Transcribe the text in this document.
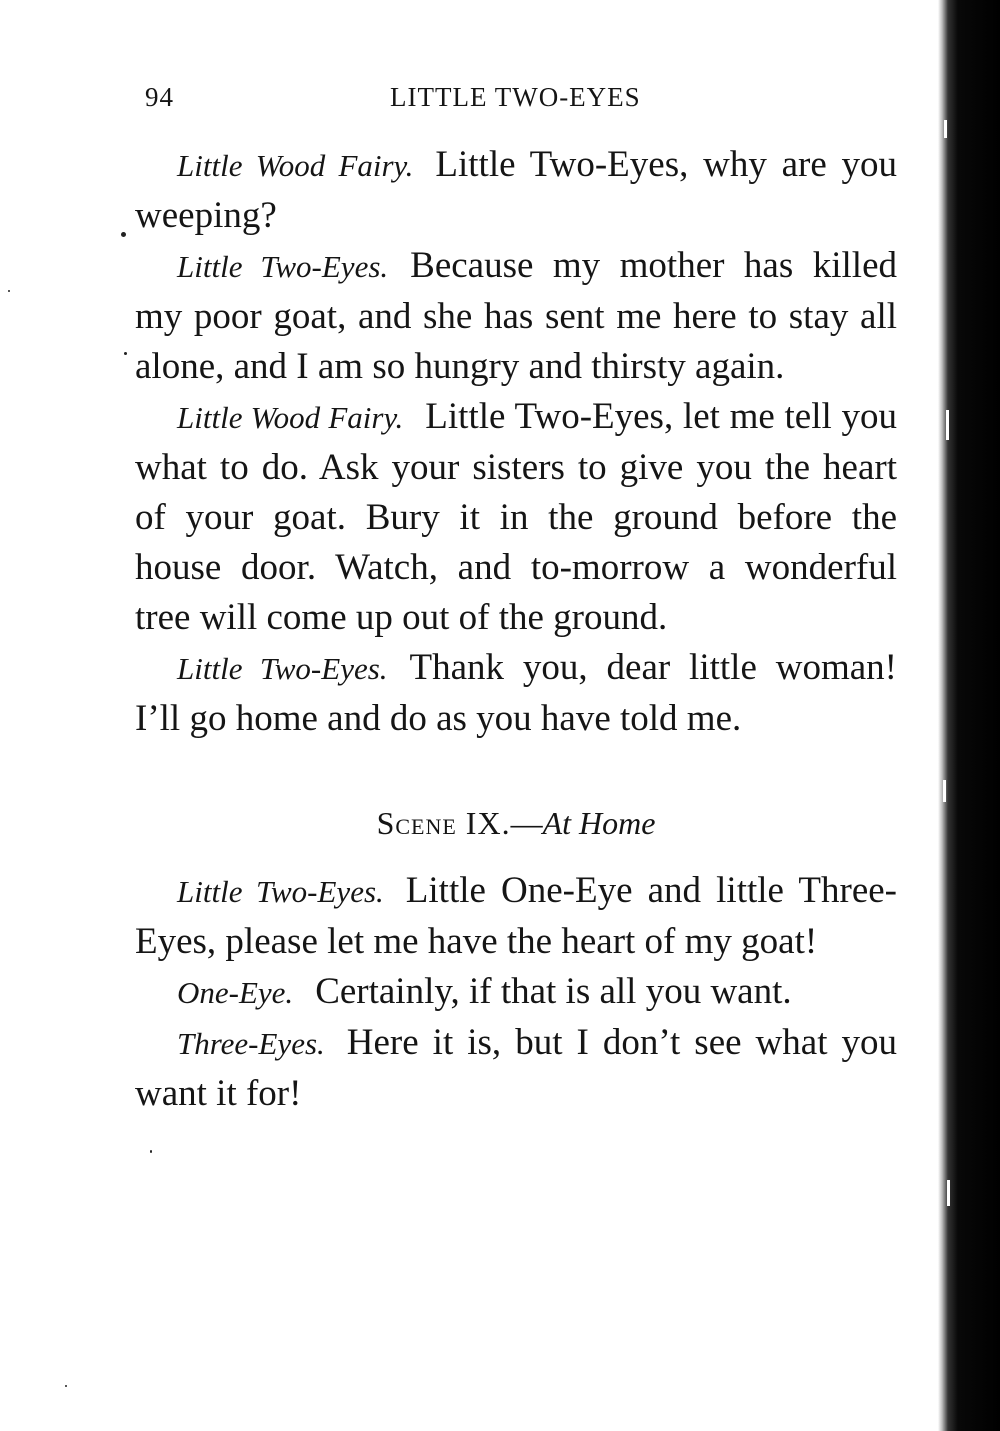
94	LITTLE TWO-EYES

Little Wood Fairy. Little Two-Eyes, why are you weeping?

Little Two-Eyes. Because my mother has killed my poor goat, and she has sent me here to stay all alone, and I am so hungry and thirsty again.

Little Wood Fairy. Little Two-Eyes, let me tell you what to do. Ask your sisters to give you the heart of your goat. Bury it in the ground before the house door. Watch, and to-morrow a wonderful tree will come up out of the ground.

Little Two-Eyes. Thank you, dear little woman! I’ll go home and do as you have told me.

Scene IX.—At Home

Little Two-Eyes. Little One-Eye and little Three-Eyes, please let me have the heart of my goat!

One-Eye. Certainly, if that is all you want.

Three-Eyes. Here it is, but I don’t see what you want it for!
